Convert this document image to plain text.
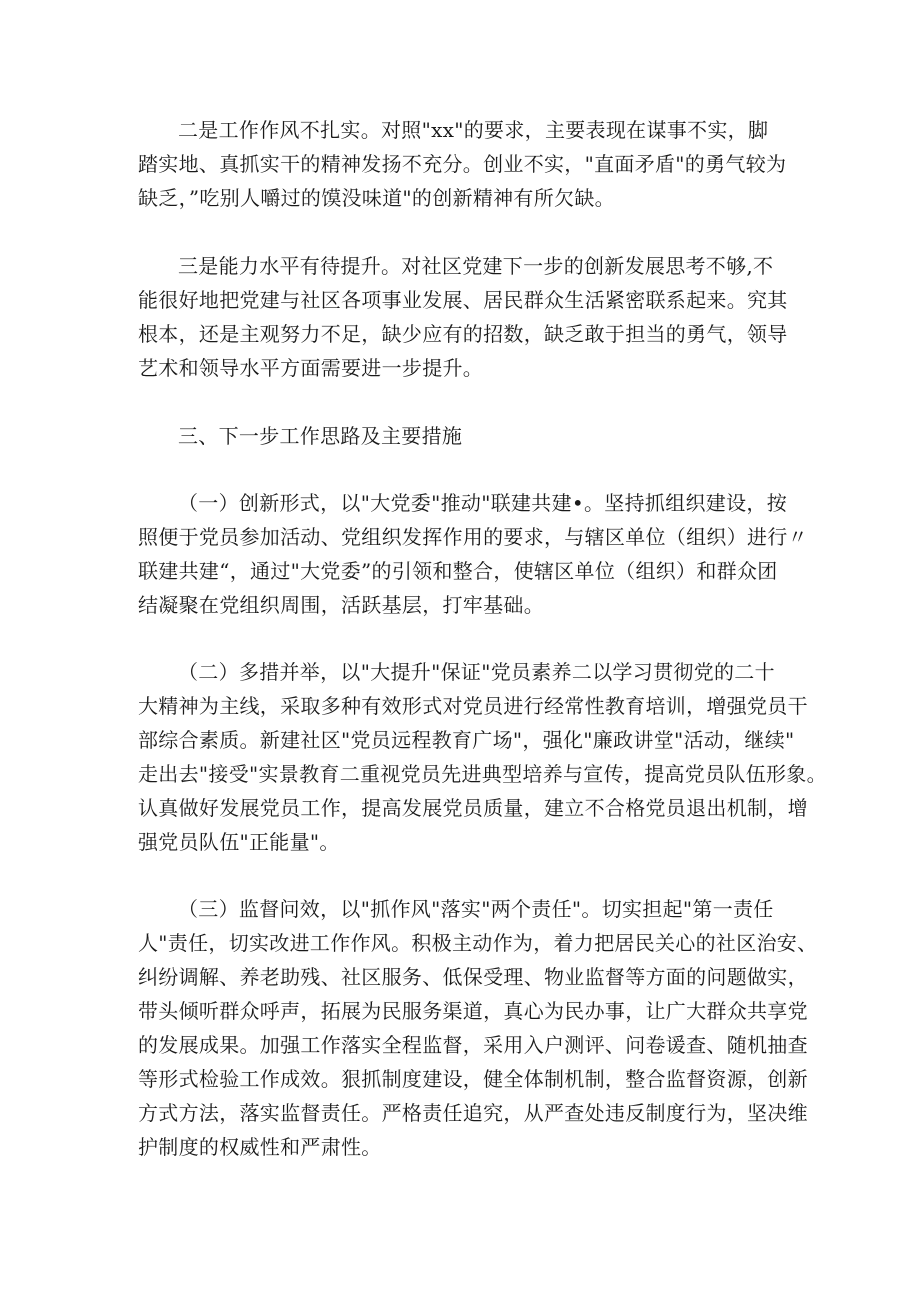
二是工作作风不扎实。对照"xx"的要求，主要表现在谋事不实，脚
踏实地、真抓实干的精神发扬不充分。创业不实，"直面矛盾"的勇气较为
缺乏，”吃别人嚼过的馍没味道"的创新精神有所欠缺。
三是能力水平有待提升。对社区党建下一步的创新发展思考不够,不
能很好地把党建与社区各项事业发展、居民群众生活紧密联系起来。究其
根本，还是主观努力不足，缺少应有的招数，缺乏敢于担当的勇气，领导
艺术和领导水平方面需要进一步提升。
三、下一步工作思路及主要措施
（一）创新形式，以"大党委"推动"联建共建•。坚持抓组织建设，按
照便于党员参加活动、党组织发挥作用的要求，与辖区单位（组织）进行〃
联建共建“，通过"大党委”的引领和整合，使辖区单位（组织）和群众团
结凝聚在党组织周围，活跃基层，打牢基础。
（二）多措并举，以"大提升"保证"党员素养二以学习贯彻党的二十
大精神为主线，采取多种有效形式对党员进行经常性教育培训，增强党员干
部综合素质。新建社区"党员远程教育广场"，强化"廉政讲堂"活动，继续"
走出去"接受"实景教育二重视党员先进典型培养与宣传，提高党员队伍形象。
认真做好发展党员工作，提高发展党员质量，建立不合格党员退出机制，增
强党员队伍"正能量"。
（三）监督问效，以"抓作风"落实"两个责任"。切实担起"第一责任
人"责任，切实改进工作作风。积极主动作为，着力把居民关心的社区治安、
纠纷调解、养老助残、社区服务、低保受理、物业监督等方面的问题做实，
带头倾听群众呼声，拓展为民服务渠道，真心为民办事，让广大群众共享党
的发展成果。加强工作落实全程监督，采用入户测评、问卷谖查、随机抽查
等形式检验工作成效。狠抓制度建设，健全体制机制，整合监督资源，创新
方式方法，落实监督责任。严格责任追究，从严查处违反制度行为，坚决维
护制度的权威性和严肃性。
